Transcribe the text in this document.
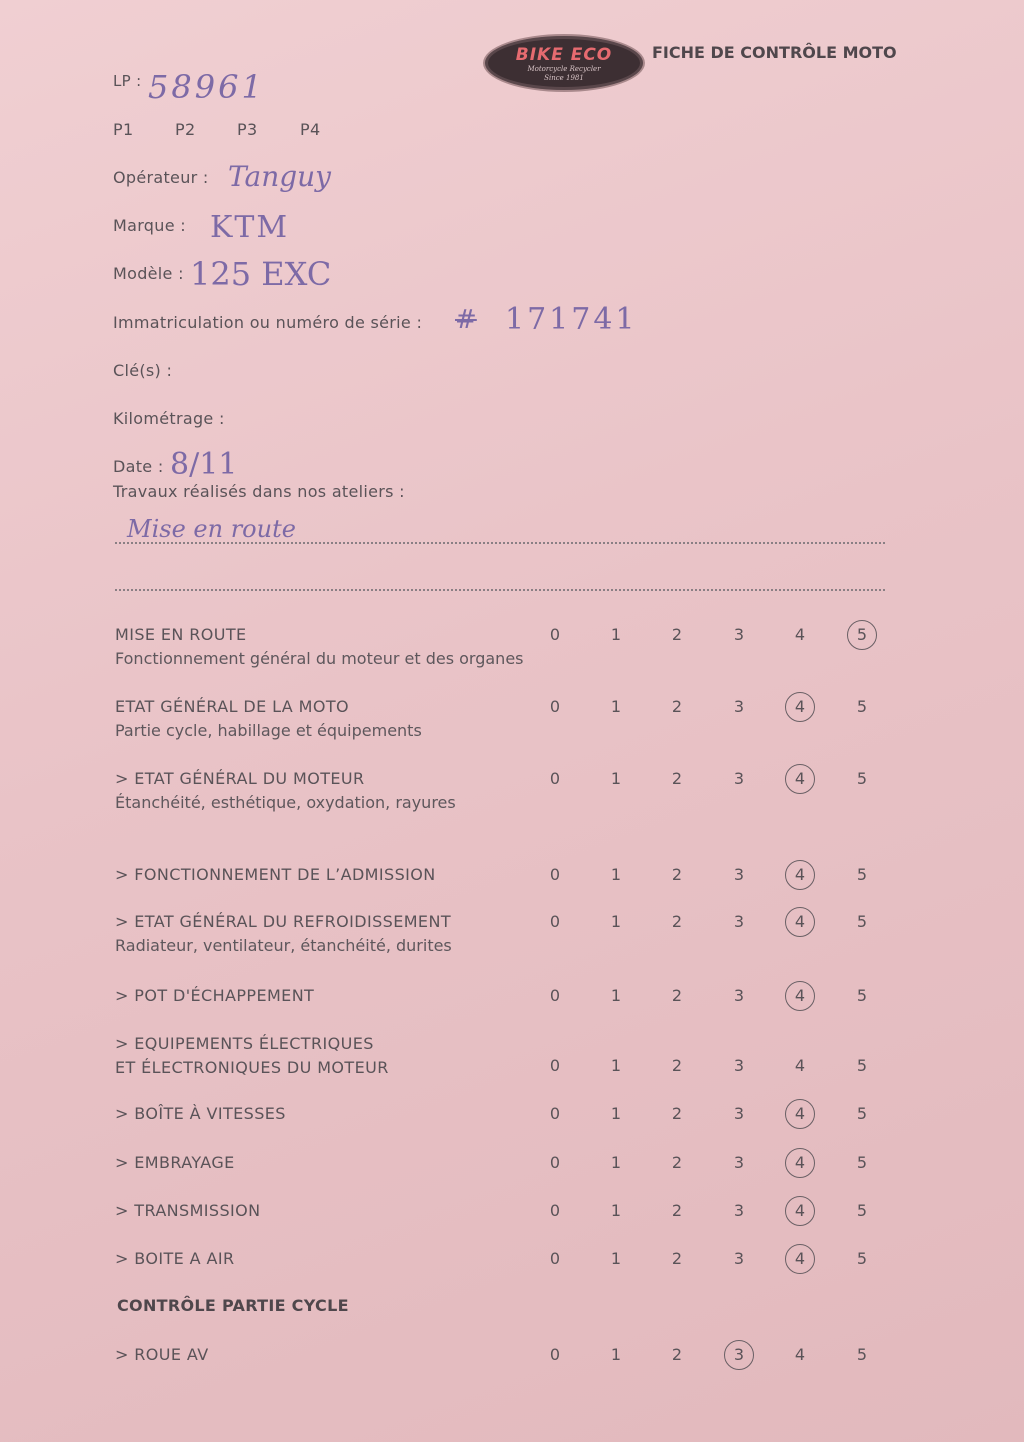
BIKE ECO
Motorcycle Recycler
Since 1981
FICHE DE CONTRÔLE MOTO
LP : 58961
P1	P2	P3	P4
Opérateur : Tanguy
Marque : KTM
Modèle : 125 EXC
Immatriculation ou numéro de série : # 171741
Clé(s) :
Kilométrage :
Date : 8/11
Travaux réalisés dans nos ateliers :
Mise en route
MISE EN ROUTE
Fonctionnement général du moteur et des organes
0	1	2	3	4	5
ETAT GÉNÉRAL DE LA MOTO
Partie cycle, habillage et équipements
0	1	2	3	4	5
> ETAT GÉNÉRAL DU MOTEUR
Étanchéité, esthétique, oxydation, rayures
0	1	2	3	4	5
> FONCTIONNEMENT DE L’ADMISSION	0	1	2	3	4	5
> ETAT GÉNÉRAL DU REFROIDISSEMENT
Radiateur, ventilateur, étanchéité, durites
0	1	2	3	4	5
> POT D'ÉCHAPPEMENT	0	1	2	3	4	5
> EQUIPEMENTS ÉLECTRIQUES
ET ÉLECTRONIQUES DU MOTEUR	0	1	2	3	4	5
> BOÎTE À VITESSES	0	1	2	3	4	5
> EMBRAYAGE	0	1	2	3	4	5
> TRANSMISSION	0	1	2	3	4	5
> BOITE A AIR	0	1	2	3	4	5
CONTRÔLE PARTIE CYCLE
> ROUE AV	0	1	2	3	4	5
